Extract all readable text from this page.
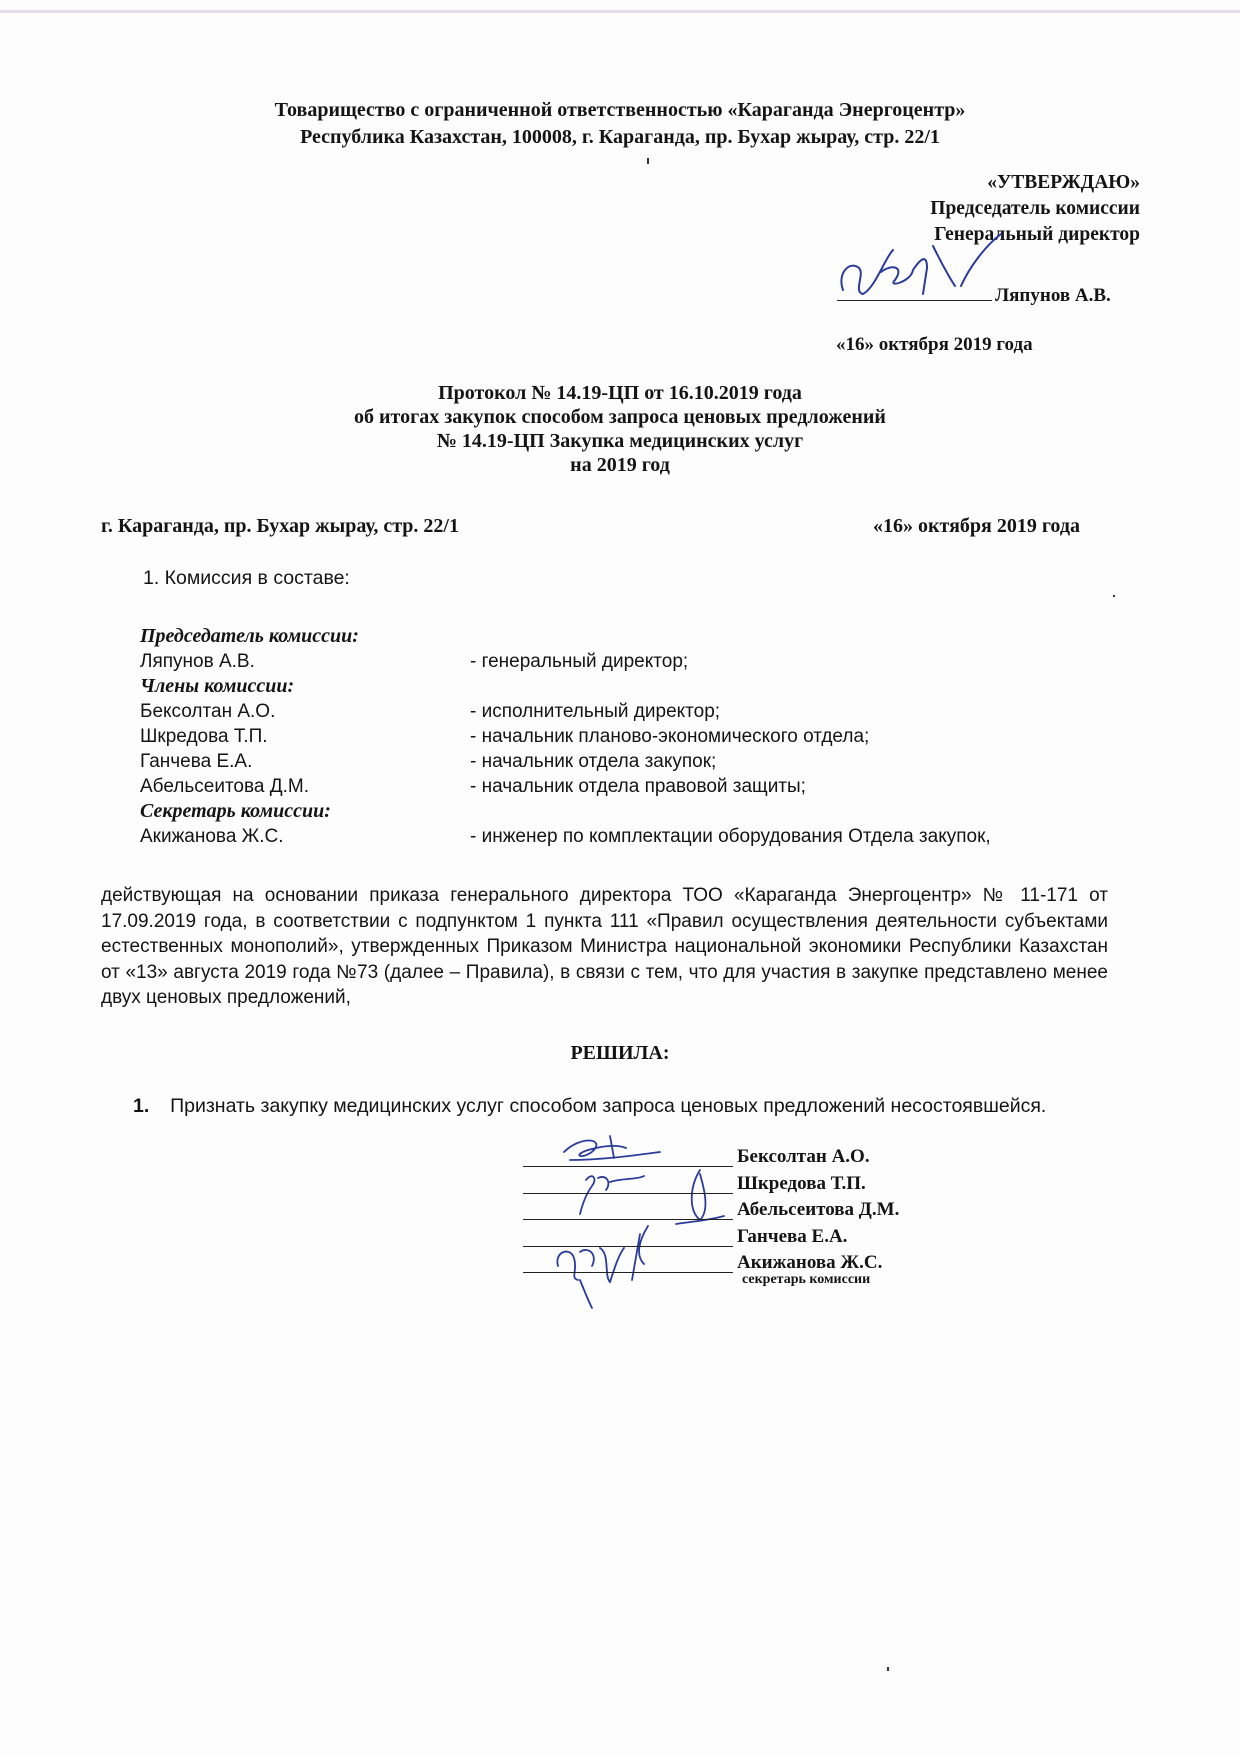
Товарищество с ограниченной ответственностью «Караганда Энергоцентр»
Республика Казахстан, 100008, г. Караганда, пр. Бухар жырау, стр. 22/1
«УТВЕРЖДАЮ»
Председатель комиссии
Генеральный директор
Ляпунов А.В.
«16» октября 2019 года
Протокол № 14.19-ЦП от 16.10.2019 года
об итогах закупок способом запроса ценовых предложений
№ 14.19-ЦП Закупка медицинских услуг
на 2019 год
г. Караганда, пр. Бухар жырау, стр. 22/1	«16» октября 2019 года
1. Комиссия в составе:
Председатель комиссии:
Ляпунов А.В.	- генеральный директор;
Члены комиссии:
Бексолтан А.О.	- исполнительный директор;
Шкредова Т.П.	- начальник планово-экономического отдела;
Ганчева Е.А.	- начальник отдела закупок;
Абельсеитова Д.М.	- начальник отдела правовой защиты;
Секретарь комиссии:
Акижанова Ж.С.	- инженер по комплектации оборудования Отдела закупок,
действующая на основании приказа генерального директора ТОО «Караганда Энергоцентр» № 11-171 от 17.09.2019 года, в соответствии с подпунктом 1 пункта 111 «Правил осуществления деятельности субъектами естественных монополий», утвержденных Приказом Министра национальной экономики Республики Казахстан от «13» августа 2019 года №73 (далее – Правила), в связи с тем, что для участия в закупке представлено менее двух ценовых предложений,
РЕШИЛА:
1. Признать закупку медицинских услуг способом запроса ценовых предложений несостоявшейся.
Бексолтан А.О.
Шкредова Т.П.
Абельсеитова Д.М.
Ганчева Е.А.
Акижанова Ж.С.
секретарь комиссии
